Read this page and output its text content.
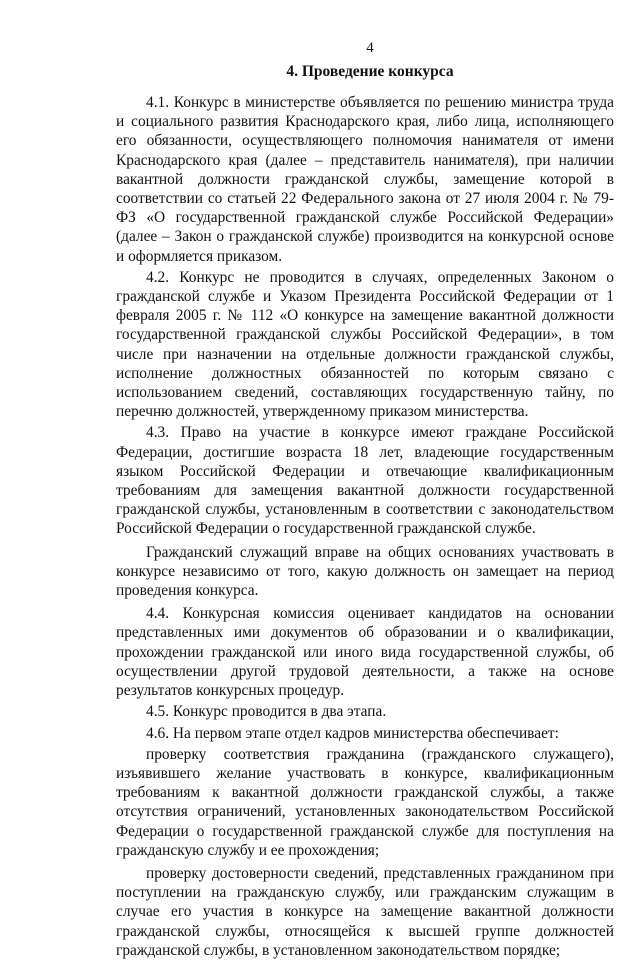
4
4. Проведение конкурса

4.1. Конкурс в министерстве объявляется по решению министра труда и социального развития Краснодарского края, либо лица, исполняющего его обязанности, осуществляющего полномочия нанимателя от имени Краснодарского края (далее – представитель нанимателя), при наличии вакантной должности гражданской службы, замещение которой в соответствии со статьей 22 Федерального закона от 27 июля 2004 г. № 79-ФЗ «О государственной гражданской службе Российской Федерации» (далее – Закон о гражданской службе) производится на конкурсной основе и оформляется приказом.

4.2. Конкурс не проводится в случаях, определенных Законом о гражданской службе и Указом Президента Российской Федерации от 1 февраля 2005 г. № 112 «О конкурсе на замещение вакантной должности государственной гражданской службы Российской Федерации», в том числе при назначении на отдельные должности гражданской службы, исполнение должностных обязанностей по которым связано с использованием сведений, составляющих государственную тайну, по перечню должностей, утвержденному приказом министерства.

4.3. Право на участие в конкурсе имеют граждане Российской Федерации, достигшие возраста 18 лет, владеющие государственным языком Российской Федерации и отвечающие квалификационным требованиям для замещения вакантной должности государственной гражданской службы, установленным в соответствии с законодательством Российской Федерации о государственной гражданской службе.

Гражданский служащий вправе на общих основаниях участвовать в конкурсе независимо от того, какую должность он замещает на период проведения конкурса.

4.4. Конкурсная комиссия оценивает кандидатов на основании представленных ими документов об образовании и о квалификации, прохождении гражданской или иного вида государственной службы, об осуществлении другой трудовой деятельности, а также на основе результатов конкурсных процедур.

4.5. Конкурс проводится в два этапа.

4.6. На первом этапе отдел кадров министерства обеспечивает:

проверку соответствия гражданина (гражданского служащего), изъявившего желание участвовать в конкурсе, квалификационным требованиям к вакантной должности гражданской службы, а также отсутствия ограничений, установленных законодательством Российской Федерации о государственной гражданской службе для поступления на гражданскую службу и ее прохождения;

проверку достоверности сведений, представленных гражданином при поступлении на гражданскую службу, или гражданским служащим в случае его участия в конкурсе на замещение вакантной должности гражданской службы, относящейся к высшей группе должностей гражданской службы, в установленном законодательством порядке;
